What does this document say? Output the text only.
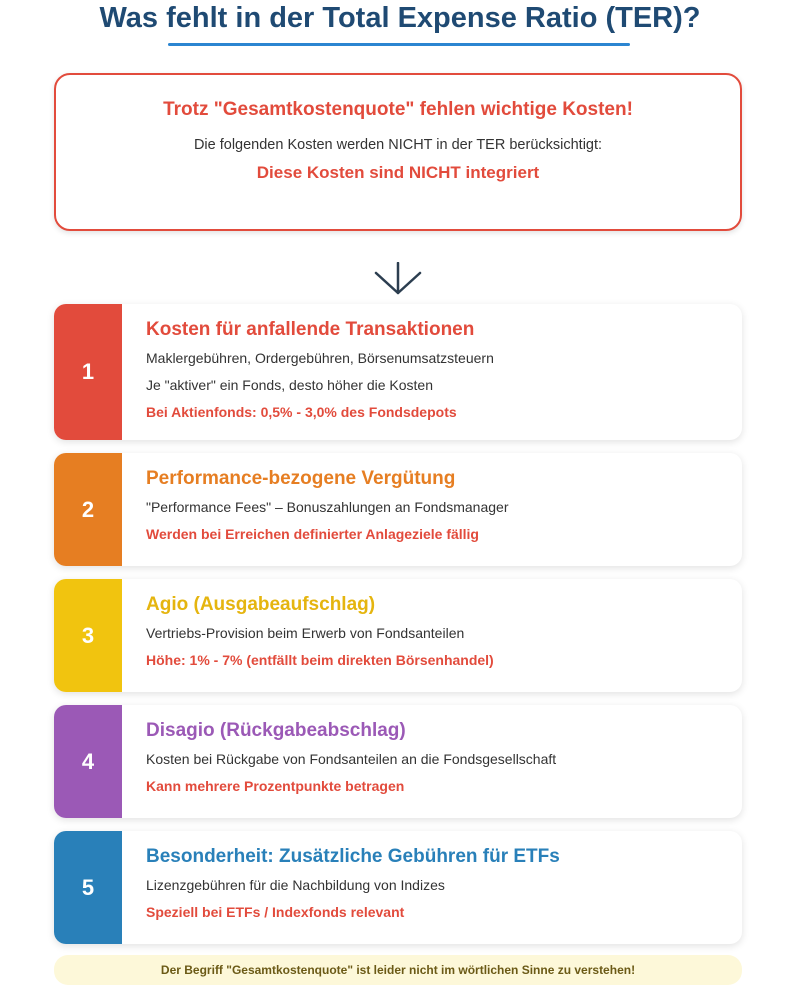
Was fehlt in der Total Expense Ratio (TER)?
Trotz "Gesamtkostenquote" fehlen wichtige Kosten!
Die folgenden Kosten werden NICHT in der TER berücksichtigt:
Diese Kosten sind NICHT integriert
1
Kosten für anfallende Transaktionen
Maklergebühren, Ordergebühren, Börsenumsatzsteuern
Je "aktiver" ein Fonds, desto höher die Kosten
Bei Aktienfonds: 0,5% - 3,0% des Fondsdepots
2
Performance-bezogene Vergütung
"Performance Fees" – Bonuszahlungen an Fondsmanager
Werden bei Erreichen definierter Anlageziele fällig
3
Agio (Ausgabeaufschlag)
Vertriebs-Provision beim Erwerb von Fondsanteilen
Höhe: 1% - 7% (entfällt beim direkten Börsenhandel)
4
Disagio (Rückgabeabschlag)
Kosten bei Rückgabe von Fondsanteilen an die Fondsgesellschaft
Kann mehrere Prozentpunkte betragen
5
Besonderheit: Zusätzliche Gebühren für ETFs
Lizenzgebühren für die Nachbildung von Indizes
Speziell bei ETFs / Indexfonds relevant
Der Begriff "Gesamtkostenquote" ist leider nicht im wörtlichen Sinne zu verstehen!
